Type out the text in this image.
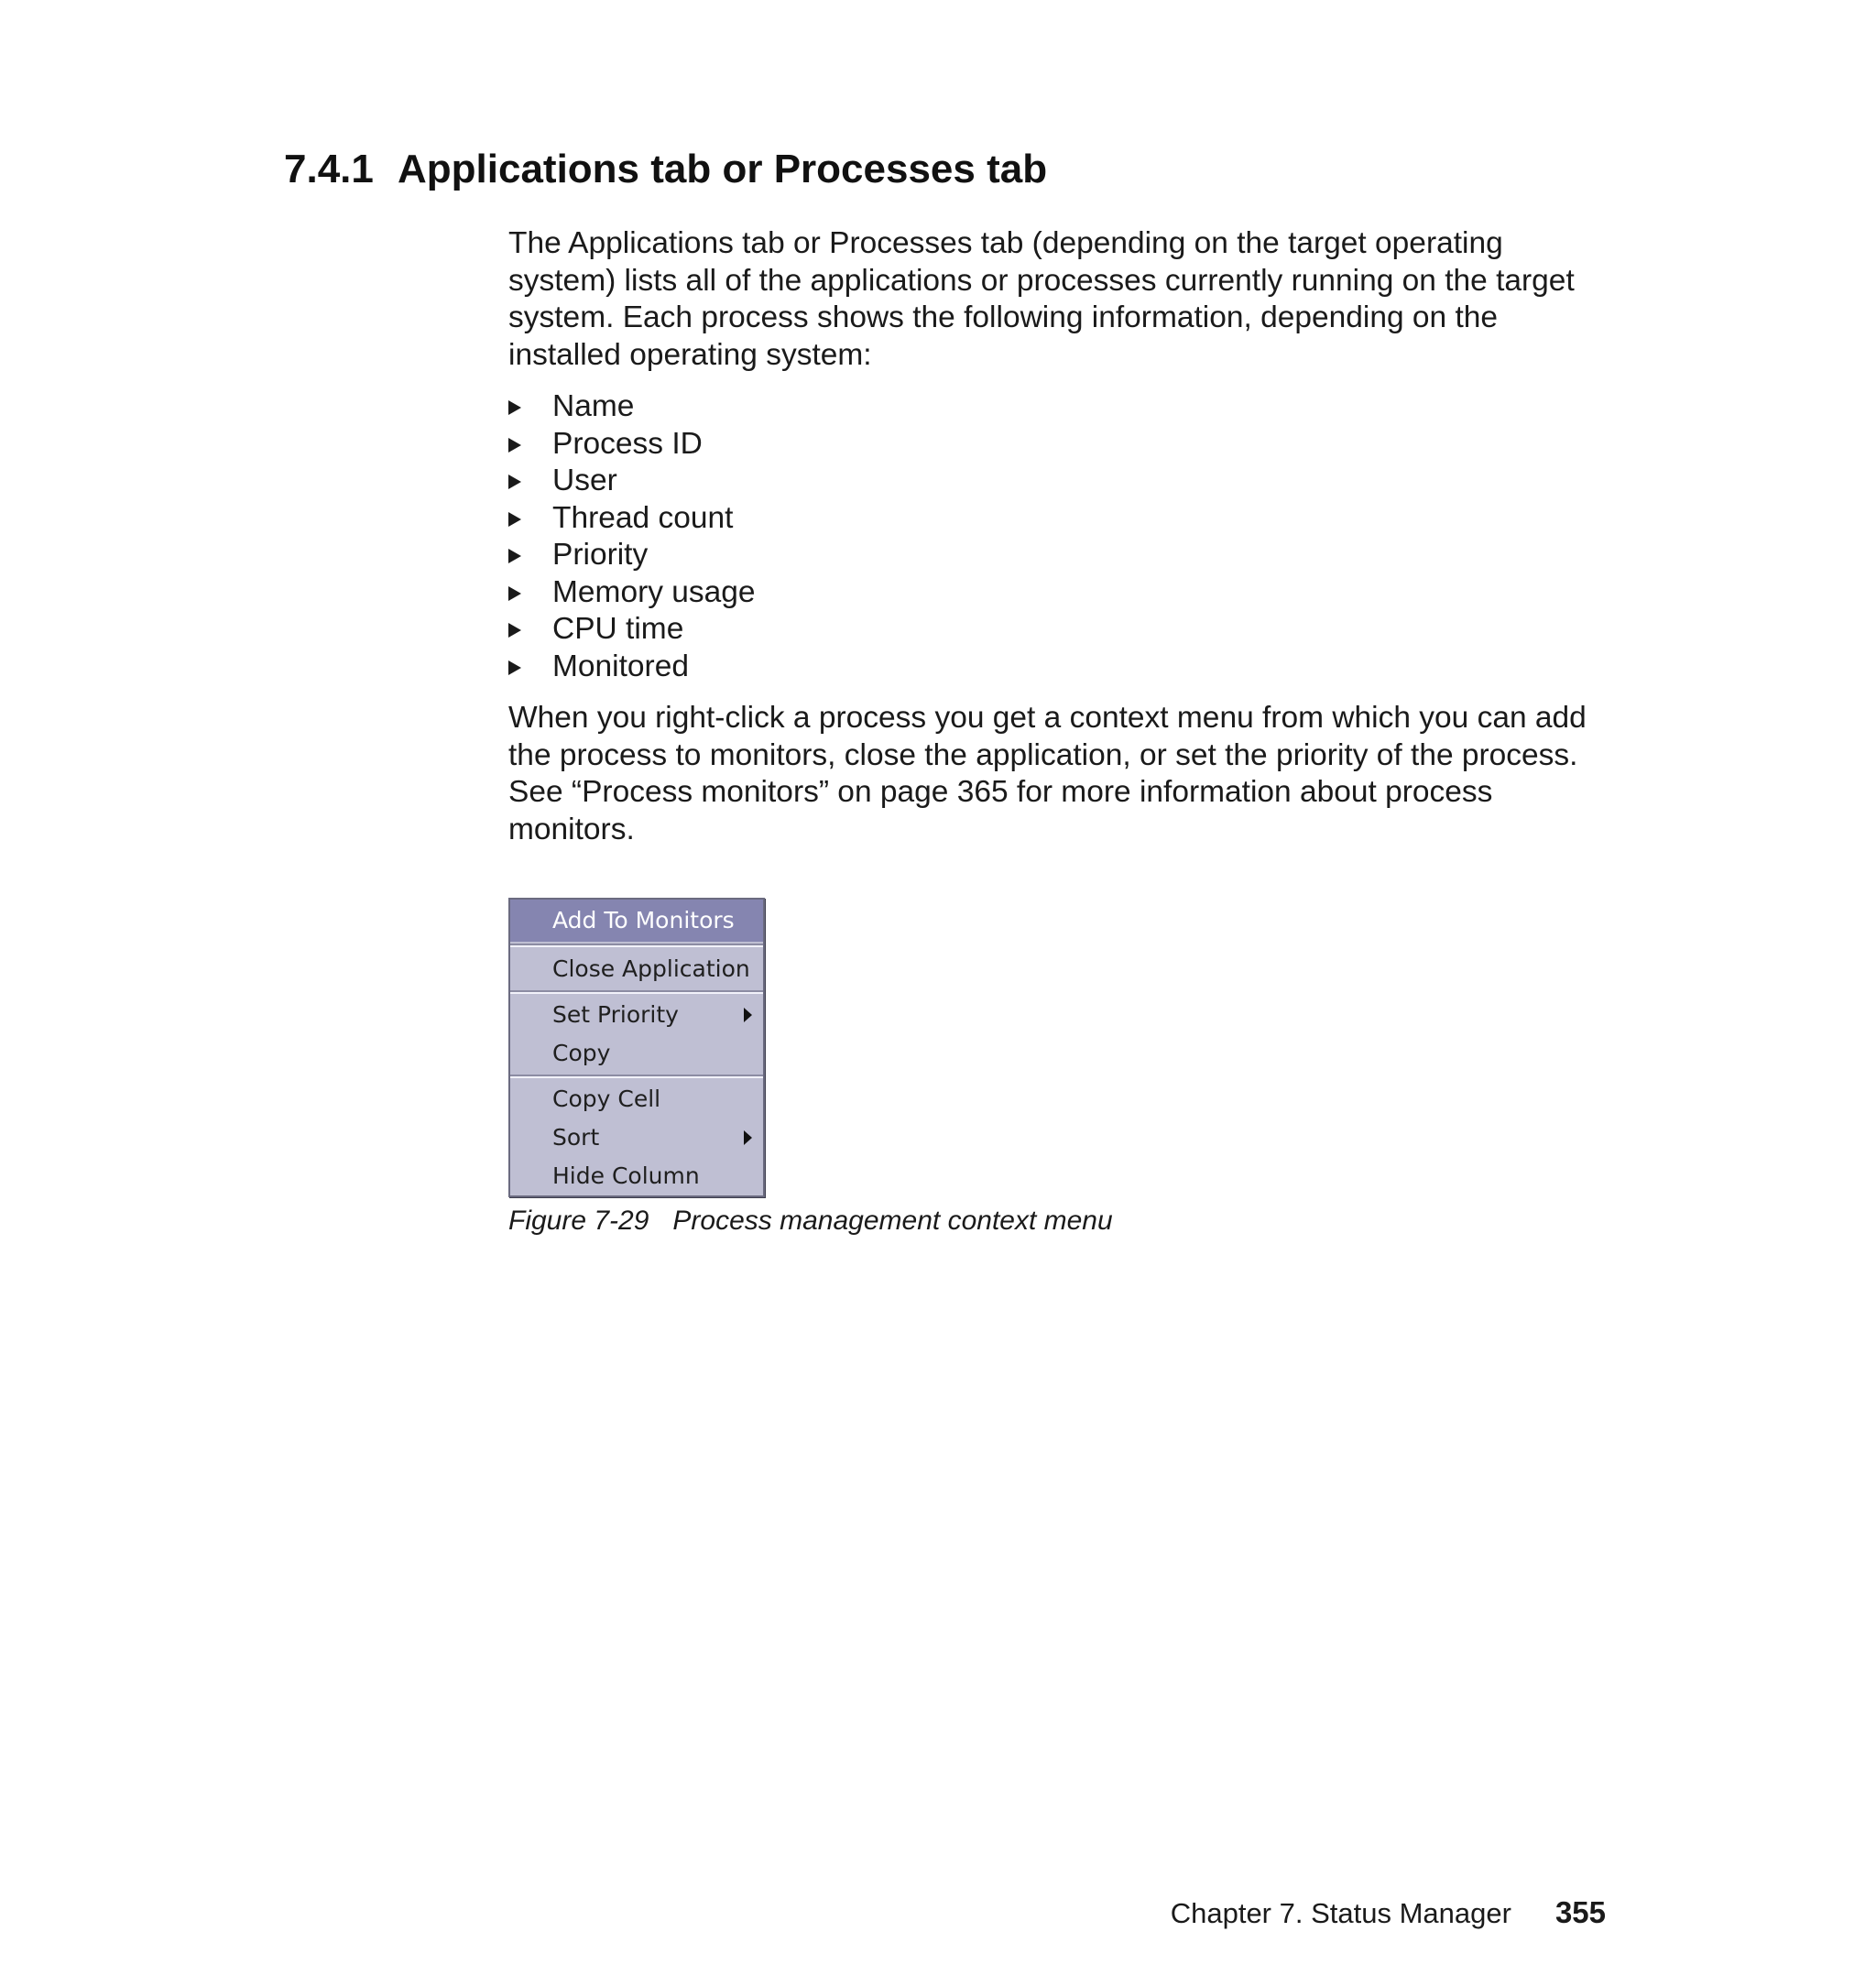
7.4.1 Applications tab or Processes tab

The Applications tab or Processes tab (depending on the target operating system) lists all of the applications or processes currently running on the target system. Each process shows the following information, depending on the installed operating system:

Name
Process ID
User
Thread count
Priority
Memory usage
CPU time
Monitored

When you right-click a process you get a context menu from which you can add the process to monitors, close the application, or set the priority of the process. See “Process monitors” on page 365 for more information about process monitors.

Add To Monitors
Close Application
Set Priority
Copy
Copy Cell
Sort
Hide Column
Figure 7-29 Process management context menu
Chapter 7. Status Manager 355
